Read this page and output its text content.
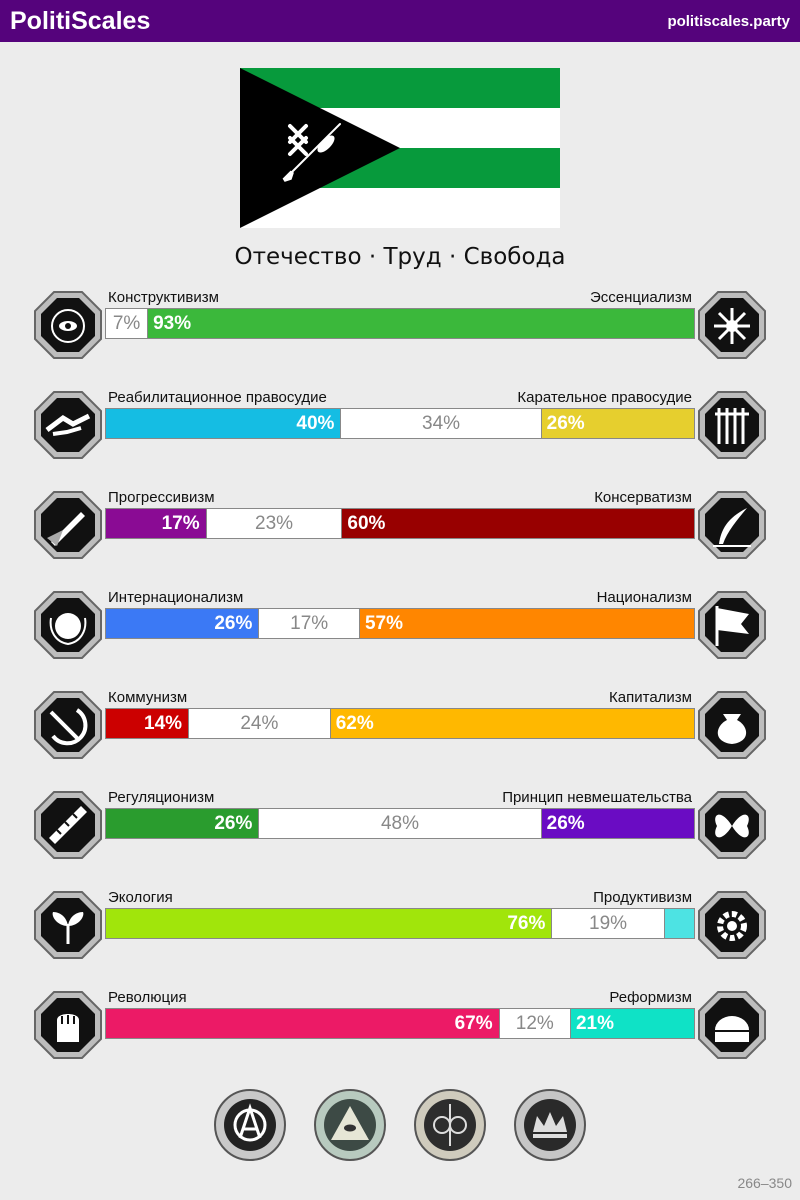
PolitiScales	politiscales.party
Отечество · Труд · Свобода
Конструктивизм	Эссенциализм
7% 93%
Реабилитационное правосудие	Карательное правосудие
40%	34%	26%
Прогрессивизм	Консерватизм
17%	23%	60%
Интернационализм	Национализм
26%	17%	57%
Коммунизм	Капитализм
14%	24%	62%
Регуляционизм	Принцип невмешательства
26%	48%	26%
Экология	Продуктивизм
76%	19%
Революция	Реформизм
67%	12%	21%
266–350
